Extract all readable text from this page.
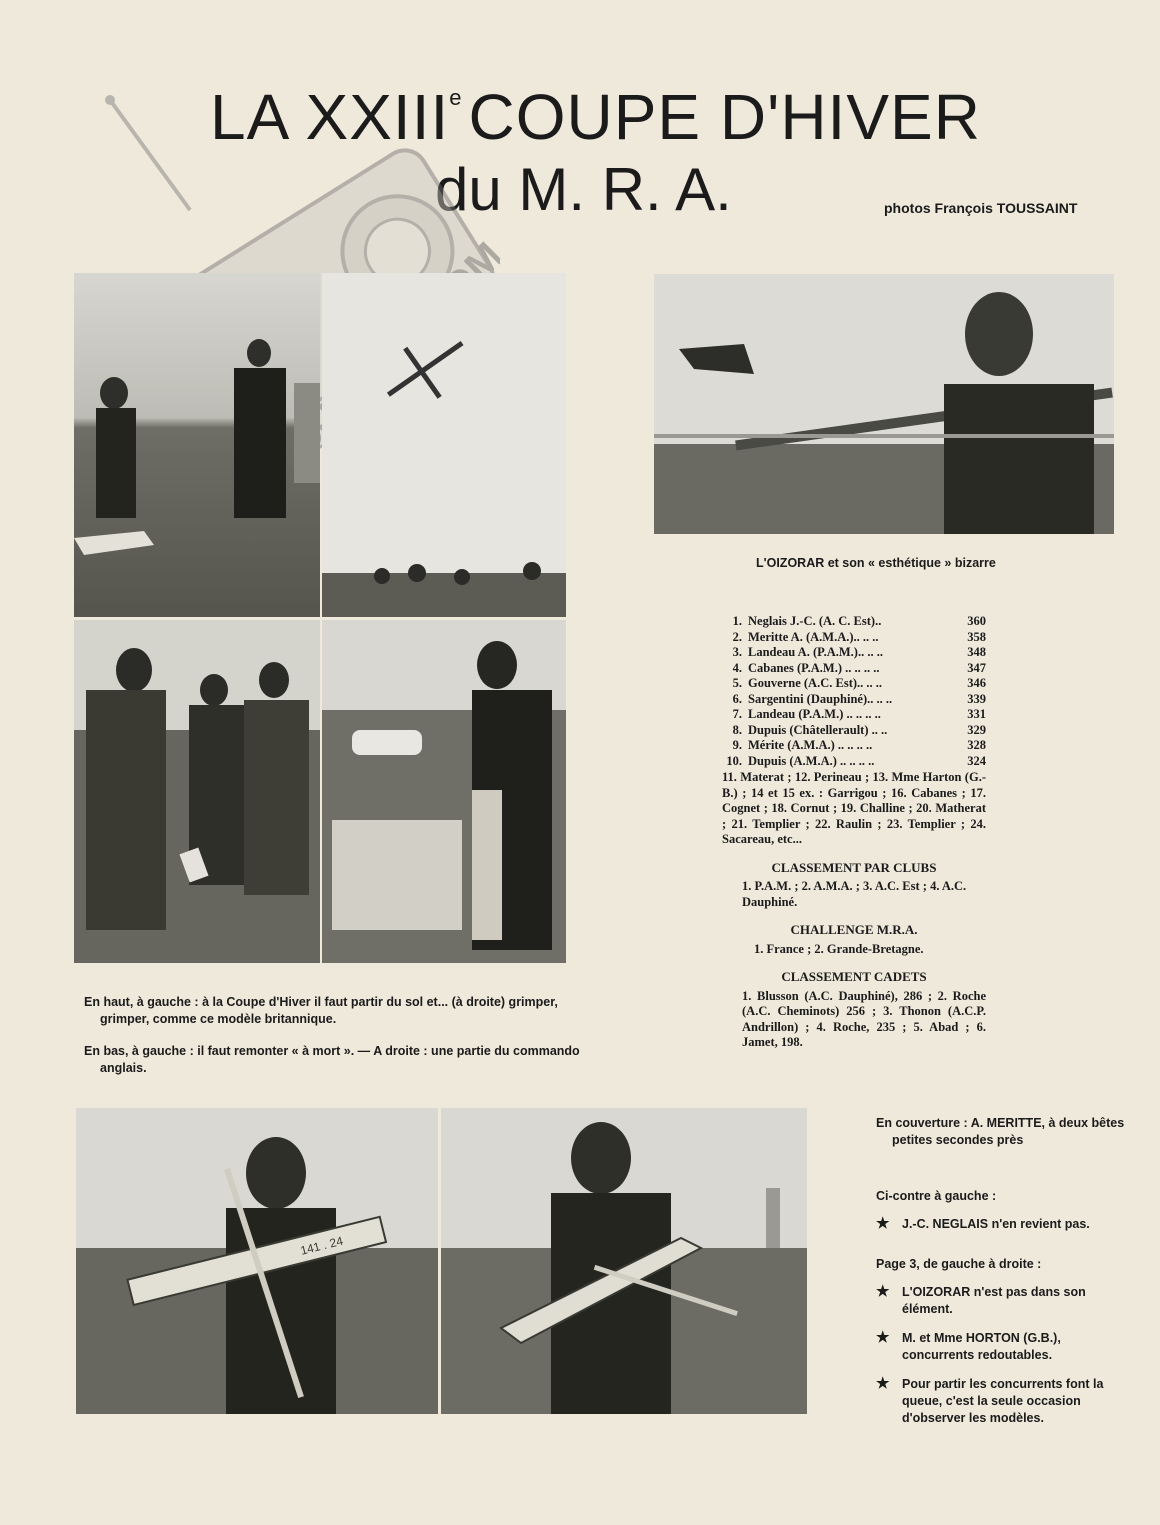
LA XXIIIeCOUPE D'HIVER
du M. R. A.	photos François TOUSSAINT
L'OIZORAR et son « esthétique » bizarre
En haut, à gauche : à la Coupe d'Hiver il faut partir du sol et... (à droite) grimper, grimper, comme ce modèle britannique.
En bas, à gauche : il faut remonter « à mort ». — A droite : une partie du commando anglais.
1. Neglais J.-C. (A. C. Est)..	360
2. Meritte A. (A.M.A.).. .. ..	358
3. Landeau A. (P.A.M.).. .. ..	348
4. Cabanes (P.A.M.) .. .. .. ..	347
5. Gouverne (A.C. Est).. .. ..	346
6. Sargentini (Dauphiné).. .. ..	339
7. Landeau (P.A.M.) .. .. .. ..	331
8. Dupuis (Châtellerault) .. ..	329
9. Mérite (A.M.A.) .. .. .. ..	328
10. Dupuis (A.M.A.) .. .. .. ..	324
11. Materat ; 12. Perineau ; 13. Mme Harton (G.-B.) ; 14 et 15 ex. : Garrigou ; 16. Cabanes ; 17. Cognet ; 18. Cornut ; 19. Challine ; 20. Matherat ; 21. Templier ; 22. Raulin ; 23. Templier ; 24. Sacareau, etc...
CLASSEMENT PAR CLUBS
1. P.A.M. ; 2. A.M.A. ; 3. A.C. Est ; 4. A.C. Dauphiné.
CHALLENGE M.R.A.
1. France ; 2. Grande-Bretagne.
CLASSEMENT CADETS
1. Blusson (A.C. Dauphiné), 286 ; 2. Roche (A.C. Cheminots) 256 ; 3. Thonon (A.C.P. Andrillon) ; 4. Roche, 235 ; 5. Abad ; 6. Jamet, 198.
141 . 24
En couverture : A. MERITTE, à deux bêtes petites secondes près
Ci-contre à gauche :
★	J.-C. NEGLAIS n'en revient pas.
Page 3, de gauche à droite :
★	L'OIZORAR n'est pas dans son élément.
★	M. et Mme HORTON (G.B.), concurrents redoutables.
★	Pour partir les concurrents font la queue, c'est la seule occasion d'observer les modèles.
